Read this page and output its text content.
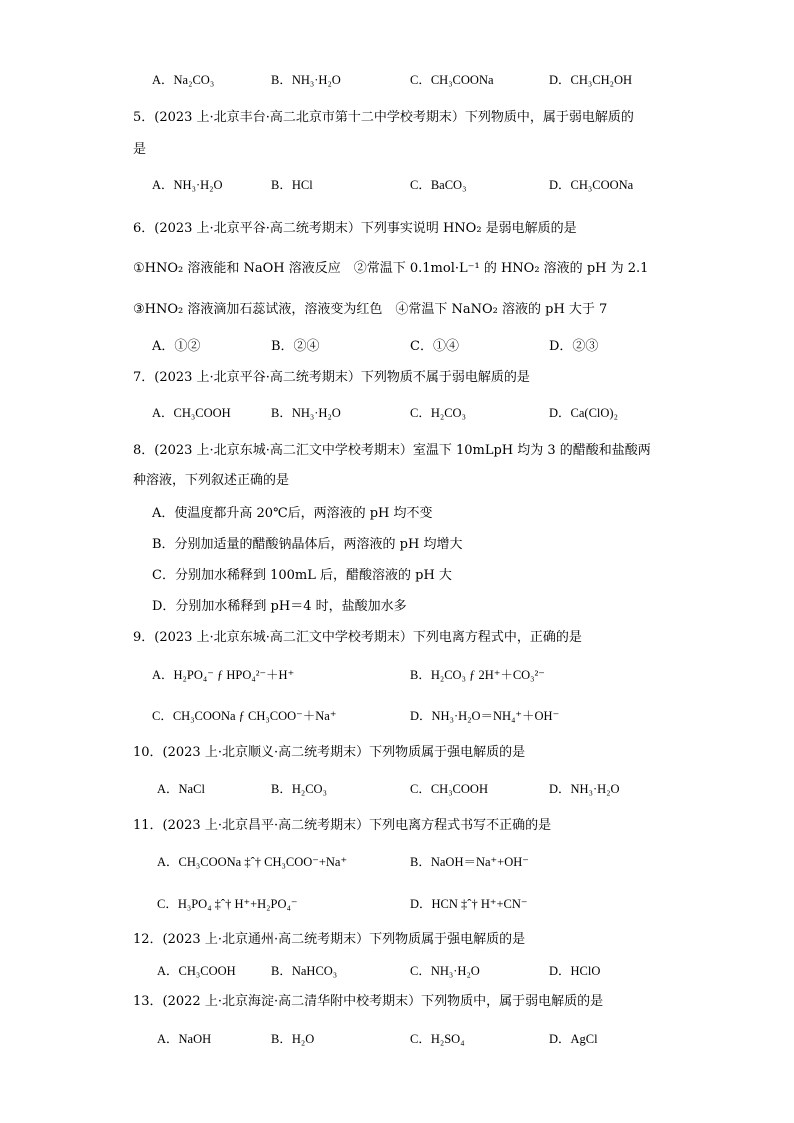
A．Na₂CO₃	B．NH₃·H₂O	C．CH₃COONa	D．CH₃CH₂OH
5．(2023 上·北京丰台·高二北京市第十二中学校考期末）下列物质中，属于弱电解质的
是
A．NH₃·H₂O	B．HCl	C．BaCO₃	D．CH₃COONa
6．(2023 上·北京平谷·高二统考期末）下列事实说明 HNO₂ 是弱电解质的是
①HNO₂ 溶液能和 NaOH 溶液反应　②常温下 0.1mol·L⁻¹ 的 HNO₂ 溶液的 pH 为 2.1
③HNO₂ 溶液滴加石蕊试液，溶液变为红色　④常温下 NaNO₂ 溶液的 pH 大于 7
A．①②	B．②④	C．①④	D．②③
7．(2023 上·北京平谷·高二统考期末）下列物质不属于弱电解质的是
A．CH₃COOH	B．NH₃·H₂O	C．H₂CO₃	D．Ca(ClO)₂
8．(2023 上·北京东城·高二汇文中学校考期末）室温下 10mLpH 均为 3 的醋酸和盐酸两
种溶液，下列叙述正确的是
A．使温度都升高 20℃后，两溶液的 pH 均不变
B．分别加适量的醋酸钠晶体后，两溶液的 pH 均增大
C．分别加水稀释到 100mL 后，醋酸溶液的 pH 大
D．分别加水稀释到 pH＝4 时，盐酸加水多
9．(2023 上·北京东城·高二汇文中学校考期末）下列电离方程式中，正确的是
A．H₂PO₄⁻ ƒ HPO₄²⁻＋H⁺	B．H₂CO₃ ƒ 2H⁺＋CO₃²⁻
C．CH₃COONa ƒ CH₃COO⁻＋Na⁺	D．NH₃·H₂O＝NH₄⁺＋OH⁻
10．(2023 上·北京顺义·高二统考期末）下列物质属于强电解质的是
A．NaCl	B．H₂CO₃	C．CH₃COOH	D．NH₃·H₂O
11．(2023 上·北京昌平·高二统考期末）下列电离方程式书写不正确的是
A．CH₃COONa ‡ˆ† CH₃COO⁻+Na⁺	B．NaOH＝Na⁺+OH⁻
C．H₃PO₄ ‡ˆ† H⁺+H₂PO₄⁻	D．HCN ‡ˆ† H⁺+CN⁻
12．(2023 上·北京通州·高二统考期末）下列物质属于强电解质的是
A．CH₃COOH	B．NaHCO₃	C．NH₃·H₂O	D．HClO
13．(2022 上·北京海淀·高二清华附中校考期末）下列物质中，属于弱电解质的是
A．NaOH	B．H₂O	C．H₂SO₄	D．AgCl
